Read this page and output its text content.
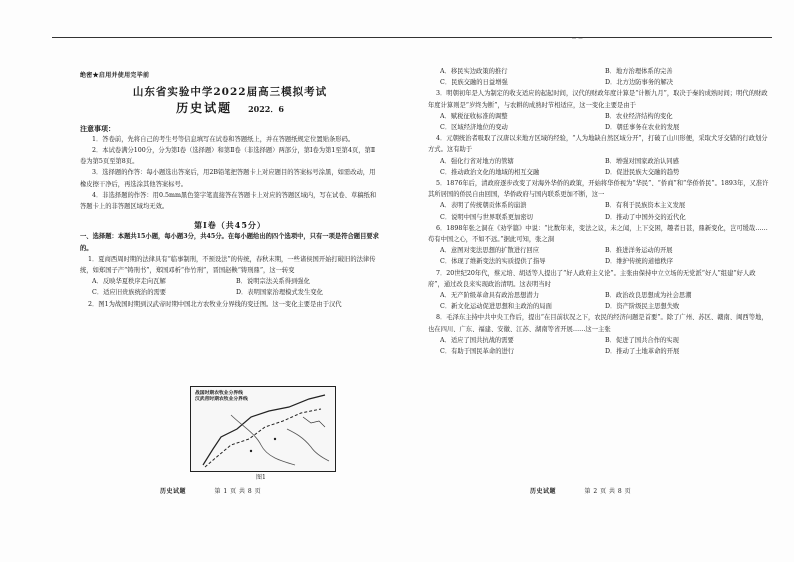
_ _
绝密★启用并使用完毕前
山东省实验中学2022届高三模拟考试
历史试题 2022．6
注意事项：

1．答卷前，先将自己的考生号等信息填写在试卷和答题纸上，并在答题纸规定位置贴条形码。

2．本试卷满分100分，分为第Ⅰ卷（选择题）和第Ⅱ卷（非选择题）两部分，第Ⅰ卷为第1至第4页，第Ⅱ卷为第5页至第8页。

3．选择题的作答：每小题选出答案后，用2B铅笔把答题卡上对应题目的答案标号涂黑，如需改动，用橡皮擦干净后，再选涂其他答案标号。

4．非选择题的作答：用0.5mm黑色签字笔直接答在答题卡上对应的答题区域内，写在试卷、草稿纸和答题卡上的非答题区域均无效。

第Ⅰ卷（共45分）

一、选择题：本题共15小题，每小题3分，共45分。在每小题给出的四个选项中，只有一项是符合题目要求的。

1．夏商西周时期的法律具有“临事制刑，不预设法”的传统，春秋末期，一些诸侯国开始打破旧的法律传统，如郑国子产“铸刑书”，郑国邓析“作竹刑”，晋国赵鞅“铸刑鼎”，这一转变

A．反映华夏秩序走向瓦解	B．说明宗法关系得到强化
C．适应旧贵族统治的需要	D．表明国家治理模式发生变化

2．图1为战国时期到汉武帝时期中国北方农牧业分界线的变迁图。这一变化主要是由于汉代

战国时期农牧业分界线
汉武帝时期农牧业分界线
图1
历史试题	第 1 页 共 8 页
A．移民实边政策的推行	B．地方治理体系的完善
C．民族交融的日益增强	D．北方边防事务的解决

3．明朝初年是人为制定的收支适应的起起时间，汉代的财政年度计算是“计断九月”，取决于秦的成熟时间；明代的财政年度计算则是“岁终为断”，与农耕的成熟时节相适应，这一变化主要是由于

A．赋税征收标准的调整	B．农业经济结构的变化
C．区域经济地位的变动	D．朝廷事务在农业的发展

4．元朝统治者吸取了汉唐以来地方区域的经验，“人为地缺自然区域分开”，打破了山川形便，采取犬牙交错的行政划分方式。这有助于

A．强化行省对地方的管辖	B．增强对国家政治认同感
C．推动政治文化的地域的相互交融	D．促进民族大交融的趋势

5．1876年后，清政府逐步改变了对海外华侨的政策，开始将华侨视为“华民”、“侨商”和“华侨侨民”。1893年，又准许其所居国的侨民自由回国，华侨政府与国内联系更加不断，这一

A．表明了传统朝贡体系的崩溃	B．有利于民族资本主义发展
C．说明中国与世界联系更加密切	D．推动了中国外交的近代化

6．1898年张之洞在《劝学篇》中说：“比数年来，变法之议，未之闻，上下交困，趣者日甚，鼎新变化，岂可缓哉……苟有中国之心，不如不远。”据此可知，张之洞

A．意图对变法思想的扩散进行回应	B．推进洋务运动的开展
C．体现了维新变法的实质提供了指导	D．维护传统的道德秩序

7．20世纪20年代，蔡元培、胡适等人提出了“好人政府主义论”。主张由保持中立立场的无党派“好人”组建“好人政府”，通过改良来实现政治清明。这表明当时

A．无产阶级革命具有政治思想潜力	B．政治改良思想成为社会思潮
C．新文化运动促进思想和主政治的局面	D．资产阶级民主思想失败

8．毛泽东主持中共中央工作后，提出“在目前状况之下，农民的经济问题是首要”。除了广州、苏区、赣南、闽西等地，也在四川、广东、福建、安徽、江苏、湖南等省开展……这一主张

A．适应了国共抗战的需要	B．促进了国共合作的实现
C．有助于国民革命的进行	D．推动了土地革命的开展
历史试题	第 2 页 共 8 页
